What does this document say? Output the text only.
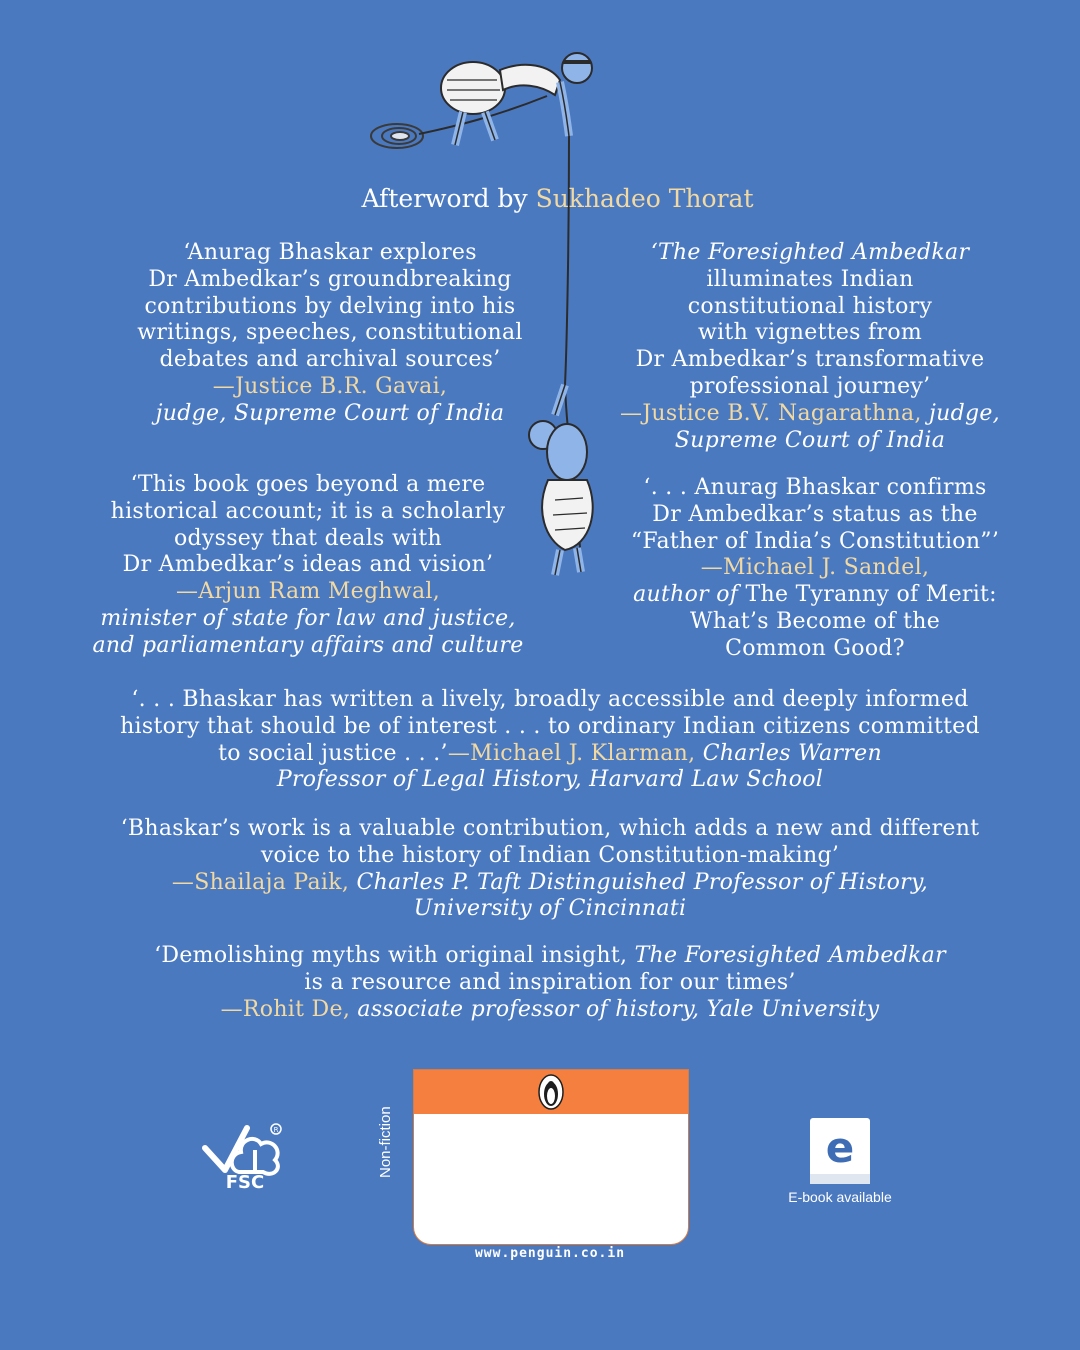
Afterword by Sukhadeo Thorat
‘Anurag Bhaskar explores
Dr Ambedkar’s groundbreaking
contributions by delving into his
writings, speeches, constitutional
debates and archival sources’
—Justice B.R. Gavai,
judge, Supreme Court of India
‘The Foresighted Ambedkar
illuminates Indian
constitutional history
with vignettes from
Dr Ambedkar’s transformative
professional journey’
—Justice B.V. Nagarathna, judge,
Supreme Court of India
‘This book goes beyond a mere
historical account; it is a scholarly
odyssey that deals with
Dr Ambedkar’s ideas and vision’
—Arjun Ram Meghwal,
minister of state for law and justice,
and parliamentary affairs and culture
‘. . . Anurag Bhaskar confirms
Dr Ambedkar’s status as the
“Father of India’s Constitution”’
—Michael J. Sandel,
author of The Tyranny of Merit:
What’s Become of the
Common Good?
‘. . . Bhaskar has written a lively, broadly accessible and deeply informed
history that should be of interest . . . to ordinary Indian citizens committed
to social justice . . .’—Michael J. Klarman, Charles Warren
Professor of Legal History, Harvard Law School
‘Bhaskar’s work is a valuable contribution, which adds a new and different
voice to the history of Indian Constitution-making’
—Shailaja Paik, Charles P. Taft Distinguished Professor of History,
University of Cincinnati
‘Demolishing myths with original insight, The Foresighted Ambedkar
is a resource and inspiration for our times’
—Rohit De, associate professor of history, Yale University
R
FSC
Non-fiction
www.penguin.co.in
e
E-book available
